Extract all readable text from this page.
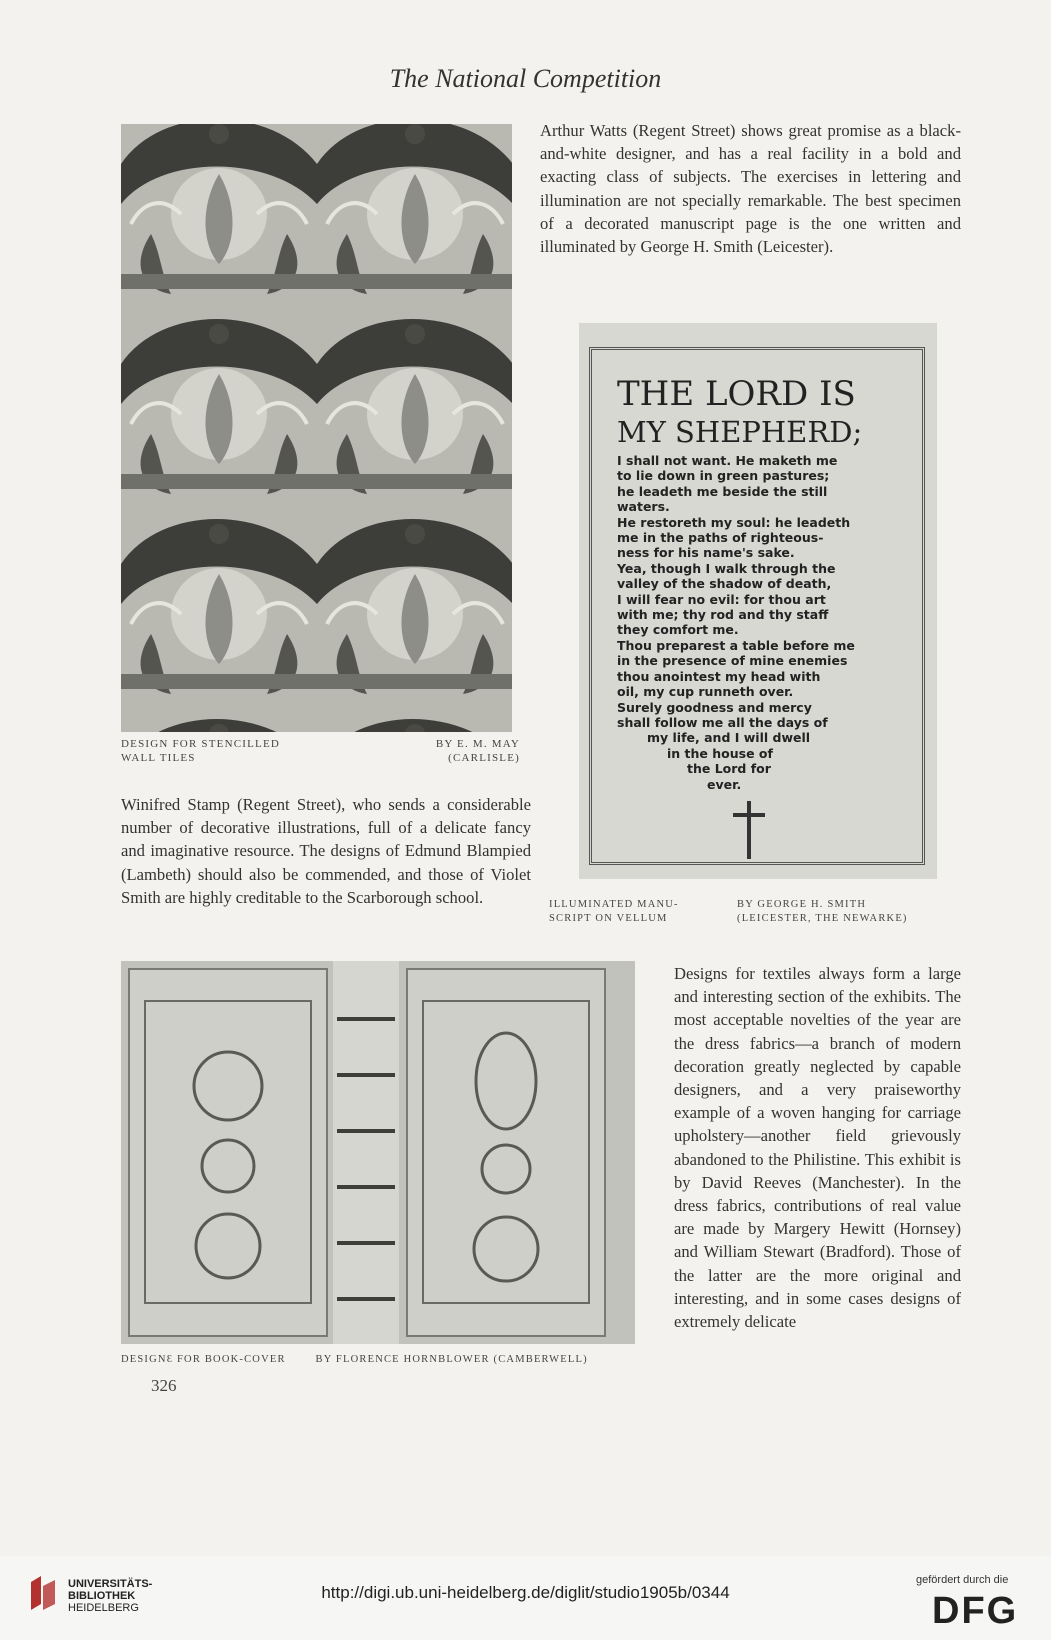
The National Competition
DESIGN FOR STENCILLED
WALL TILES
BY E. M. MAY
(CARLISLE)
Arthur Watts (Regent Street) shows great promise as a black-and-white designer, and has a real facility in a bold and exacting class of subjects. The exercises in lettering and illumination are not specially remarkable. The best specimen of a decorated manuscript page is the one written and illuminated by George H. Smith (Leicester).
THE LORD IS
MY SHEPHERD;
I shall not want. He maketh me
to lie down in green pastures;
he leadeth me beside the still
waters.
He restoreth my soul: he leadeth
me in the paths of righteous-
ness for his name's sake.
Yea, though I walk through the
valley of the shadow of death,
I will fear no evil: for thou art
with me; thy rod and thy staff
they comfort me.
Thou preparest a table before me
in the presence of mine enemies
thou anointest my head with
oil, my cup runneth over.
Surely goodness and mercy
shall follow me all the days of
my life, and I will dwell
in the house of
the Lord for
ever.
ILLUMINATED MANU-
SCRIPT ON VELLUM
BY GEORGE H. SMITH
(LEICESTER, THE NEWARKE)
Winifred Stamp (Regent Street), who sends a considerable number of decorative illustrations, full of a delicate fancy and imaginative resource. The designs of Edmund Blampied (Lambeth) should also be commended, and those of Violet Smith are highly creditable to the Scarborough school.
DESIGNƐ FOR BOOK-COVER	BY FLORENCE HORNBLOWER (CAMBERWELL)
Designs for textiles always form a large and interesting section of the exhibits. The most acceptable novelties of the year are the dress fabrics—a branch of modern decoration greatly neglected by capable designers, and a very praiseworthy example of a woven hanging for carriage upholstery—another field grievously abandoned to the Philistine. This exhibit is by David Reeves (Manchester). In the dress fabrics, contributions of real value are made by Margery Hewitt (Hornsey) and William Stewart (Bradford). Those of the latter are the more original and interesting, and in some cases designs of extremely delicate
326
UNIVERSITÄTS-
BIBLIOTHEK
HEIDELBERG
http://digi.ub.uni-heidelberg.de/diglit/studio1905b/0344
gefördert durch die
DFG
